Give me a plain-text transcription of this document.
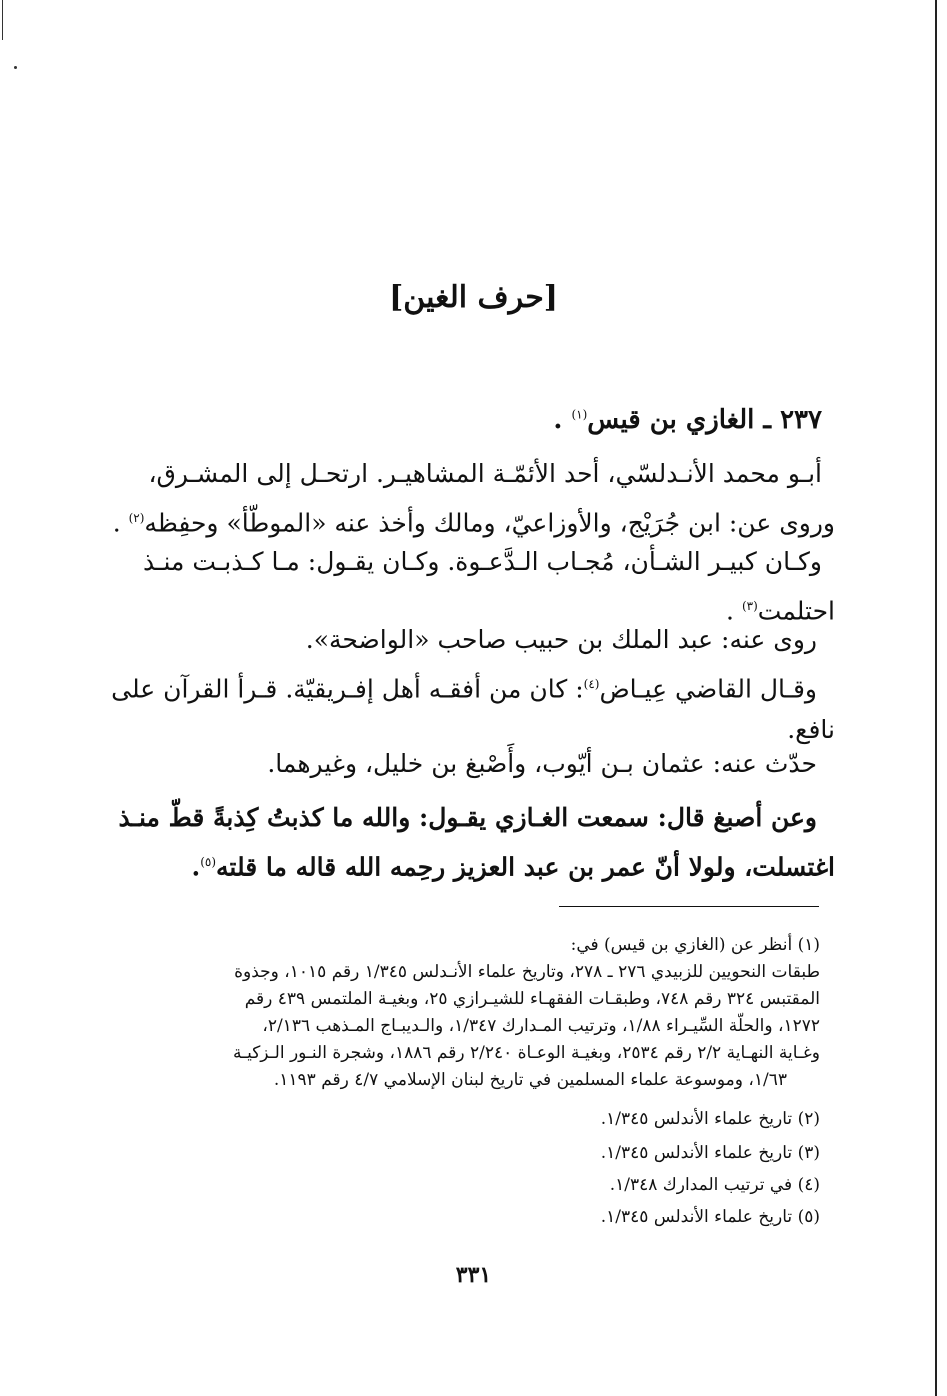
[حرف الغين]
٢٣٧ ـ الغازي بن قيس$^{(١)}$ .
أبـو محمد الأنـدلسّي، أحد الأئمّـة المشاهيـر. ارتحـل إلى المشـرق،
وروى عن: ابن جُرَيْج، والأوزاعيّ، ومالك وأخذ عنه «الموطّأ» وحفِظه$^{(٢)}$ .
وكـان كبيـر الشـأن، مُجـاب الـدَّعـوة. وكـان يقـول: مـا كـذبـت منـذ
احتلمت$^{(٣)}$ .
روى عنه: عبد الملك بن حبيب صاحب «الواضحة».
وقـال القاضي عِيـاض$^{(٤)}$: كان من أفقـه أهل إفـريقيّة. قـرأ القرآن على
نافع.
حدّث عنه: عثمان بـن أيّوب، وأَصْبغ بن خليل، وغيرهما.
وعن أصبغ قال: سمعت الغـازي يقـول: والله ما كذبتُ كِذبةً قطّ منـذ
اغتسلت، ولولا أنّ عمر بن عبد العزيز رحِمه الله قاله ما قلته$^{(٥)}$.
(١) أنظر عن (الغازي بن قيس) في:
طبقات النحويين للزبيدي ٢٧٦ ـ ٢٧٨، وتاريخ علماء الأنـدلس ١/٣٤٥ رقم ١٠١٥، وجذوة
المقتبس ٣٢٤ رقم ٧٤٨، وطبقـات الفقهـاء للشيـرازي ٢٥، وبغيـة الملتمس ٤٣٩ رقم
١٢٧٢، والحلّة السِّيـراء ١/٨٨، وترتيب المـدارك ١/٣٤٧، والـديبـاج المـذهب ٢/١٣٦،
وغـاية النهـاية ٢/٢ رقم ٢٥٣٤، وبغيـة الوعـاة ٢/٢٤٠ رقم ١٨٨٦، وشجرة النـور الـزكيـة
١/٦٣، وموسوعة علماء المسلمين في تاريخ لبنان الإسلامي ٤/٧ رقم ١١٩٣.
(٢) تاريخ علماء الأندلس ١/٣٤٥.
(٣) تاريخ علماء الأندلس ١/٣٤٥.
(٤) في ترتيب المدارك ١/٣٤٨.
(٥) تاريخ علماء الأندلس ١/٣٤٥.
٣٣١
